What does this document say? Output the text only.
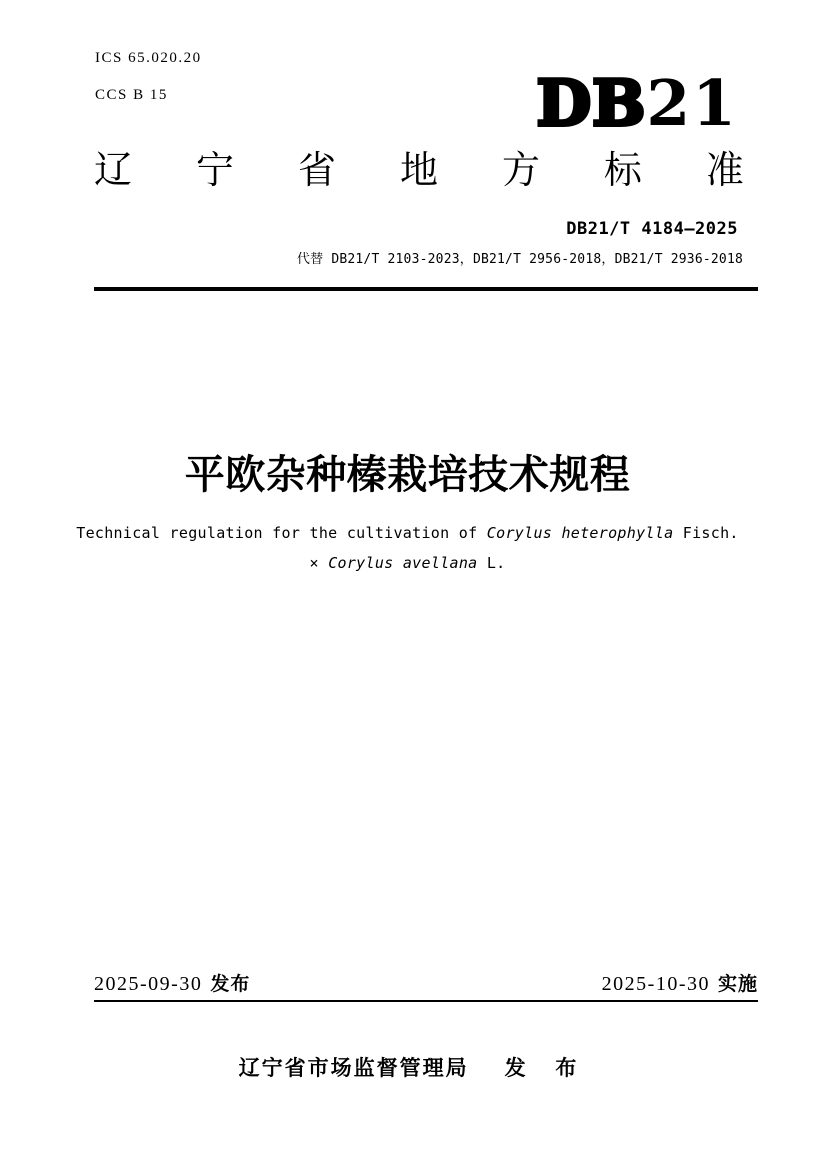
ICS 65.020.20
CCS B 15	DB21
辽 宁 省 地 方 标 准
DB21/T 4184—2025
代替 DB21/T 2103-2023，DB21/T 2956-2018，DB21/T 2936-2018
平欧杂种榛栽培技术规程
Technical regulation for the cultivation of Corylus heterophylla Fisch.
× Corylus avellana L.
2025-09-30 发布	2025-10-30 实施
辽宁省市场监督管理局 发 布
